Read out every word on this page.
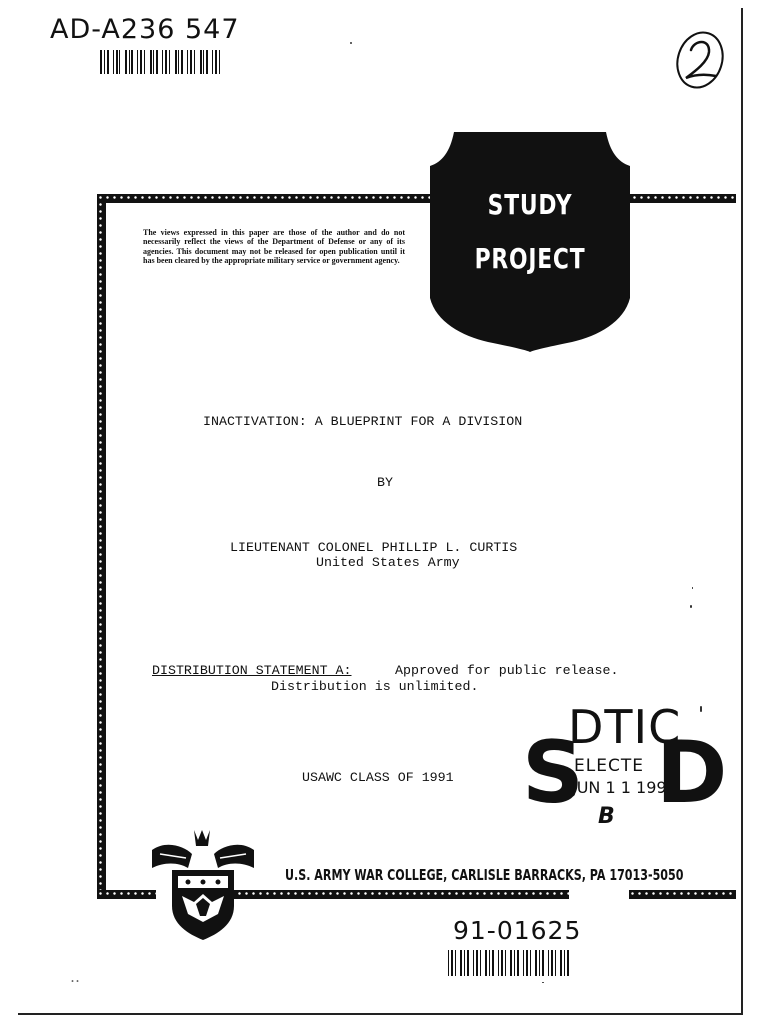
AD-A236 547
STUDY
PROJECT
The views expressed in this paper are those of the author and do not necessarily reflect the views of the Department of Defense or any of its agencies. This document may not be released for open publication until it has been cleared by the appropriate military service or government agency.
INACTIVATION: A BLUEPRINT FOR A DIVISION
BY
LIEUTENANT COLONEL PHILLIP L. CURTIS
United States Army
DISTRIBUTION STATEMENT A:	Approved for public release.
Distribution is unlimited.
USAWC CLASS OF 1991
DTIC
S
ELECTE
JUN 1 1 1991
D
B
U.S. ARMY WAR COLLEGE, CARLISLE BARRACKS, PA 17013-5050
91-01625
․․
